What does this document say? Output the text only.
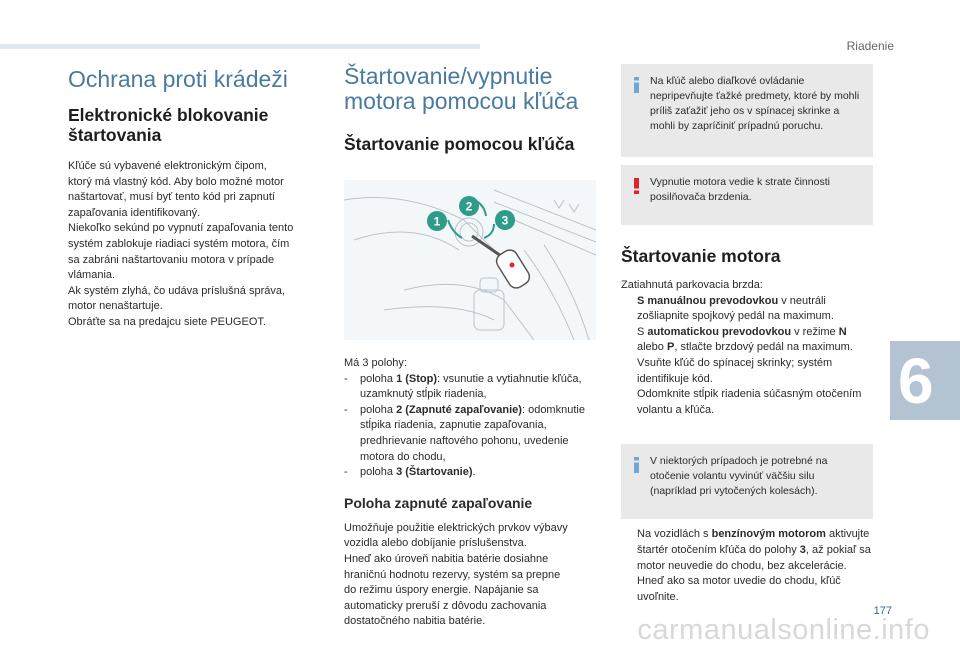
Riadenie
Ochrana proti krádeži
Elektronické blokovanie štartovania
Kľúče sú vybavené elektronickým čipom,
ktorý má vlastný kód. Aby bolo možné motor
naštartovať, musí byť tento kód pri zapnutí
zapaľovania identifikovaný.
Niekoľko sekúnd po vypnutí zapaľovania tento
systém zablokuje riadiaci systém motora, čím
sa zabráni naštartovaniu motora v prípade
vlámania.
Ak systém zlyhá, čo udáva príslušná správa,
motor nenaštartuje.
Obráťte sa na predajcu siete PEUGEOT.
Štartovanie/vypnutie
motora pomocou kľúča
Štartovanie pomocou kľúča
1
2
3
Má 3 polohy:
- poloha 1 (Stop): vsunutie a vytiahnutie kľúča, uzamknutý stĺpik riadenia,
- poloha 2 (Zapnuté zapaľovanie): odomknutie stĺpika riadenia, zapnutie zapaľovania, predhrievanie naftového pohonu, uvedenie motora do chodu,
- poloha 3 (Štartovanie).
Poloha zapnuté zapaľovanie
Umožňuje použitie elektrických prvkov výbavy
vozidla alebo dobíjanie príslušenstva.
Hneď ako úroveň nabitia batérie dosiahne
hraničnú hodnotu rezervy, systém sa prepne
do režimu úspory energie. Napájanie sa
automaticky preruší z dôvodu zachovania
dostatočného nabitia batérie.
Na kľúč alebo diaľkové ovládanie nepripevňujte ťažké predmety, ktoré by mohli príliš zaťažiť jeho os v spínacej skrinke a mohli by zapríčiniť prípadnú poruchu.
Vypnutie motora vedie k strate činnosti posilňovača brzdenia.
Štartovanie motora
Zatiahnutá parkovacia brzda:
S manuálnou prevodovkou v neutráli zošliapnite spojkový pedál na maximum.
S automatickou prevodovkou v režime N alebo P, stlačte brzdový pedál na maximum.
Vsuňte kľúč do spínacej skrinky; systém identifikuje kód.
Odomknite stĺpik riadenia súčasným otočením volantu a kľúča.
V niektorých prípadoch je potrebné na otočenie volantu vyvinúť väčšiu silu (napríklad pri vytočených kolesách).
Na vozidlách s benzínovým motorom aktivujte štartér otočením kľúča do polohy 3, až pokiaľ sa motor neuvedie do chodu, bez akcelerácie. Hneď ako sa motor uvedie do chodu, kľúč uvoľnite.
6
177
carmanualsonline.info
